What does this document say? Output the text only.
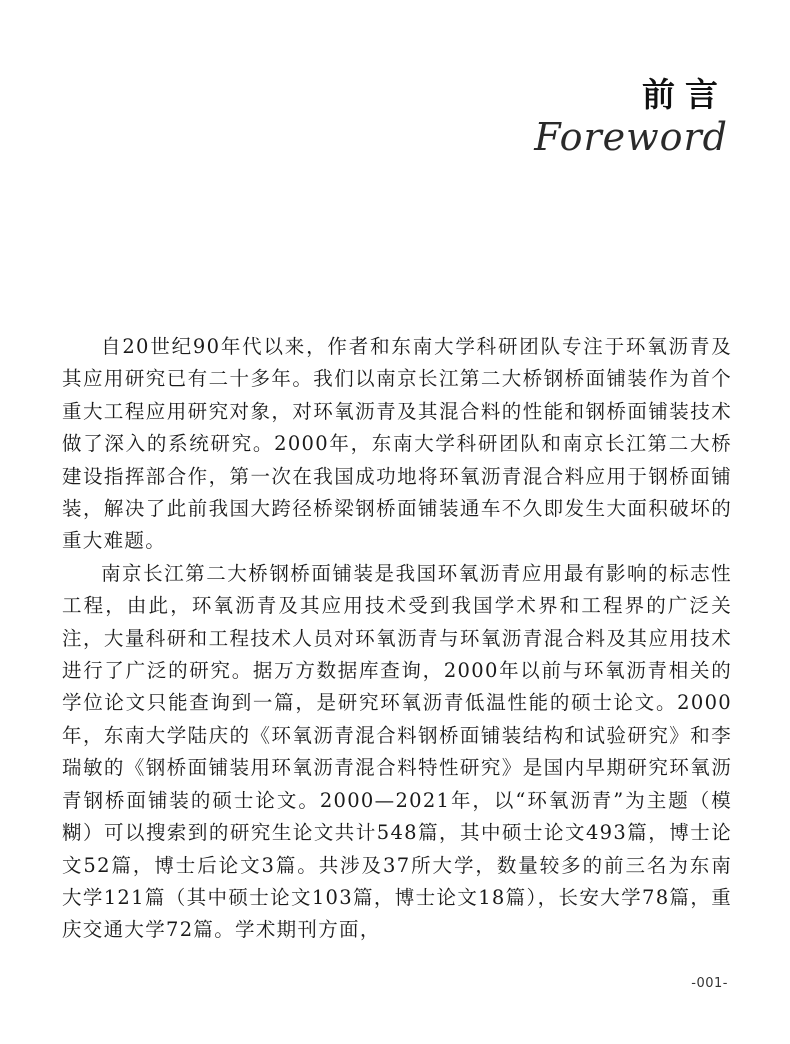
前言
Foreword

自20世纪90年代以来，作者和东南大学科研团队专注于环氧沥青及其应用研究已有二十多年。我们以南京长江第二大桥钢桥面铺装作为首个重大工程应用研究对象，对环氧沥青及其混合料的性能和钢桥面铺装技术做了深入的系统研究。2000年，东南大学科研团队和南京长江第二大桥建设指挥部合作，第一次在我国成功地将环氧沥青混合料应用于钢桥面铺装，解决了此前我国大跨径桥梁钢桥面铺装通车不久即发生大面积破坏的重大难题。

南京长江第二大桥钢桥面铺装是我国环氧沥青应用最有影响的标志性工程，由此，环氧沥青及其应用技术受到我国学术界和工程界的广泛关注，大量科研和工程技术人员对环氧沥青与环氧沥青混合料及其应用技术进行了广泛的研究。据万方数据库查询，2000年以前与环氧沥青相关的学位论文只能查询到一篇，是研究环氧沥青低温性能的硕士论文。2000年，东南大学陆庆的《环氧沥青混合料钢桥面铺装结构和试验研究》和李瑞敏的《钢桥面铺装用环氧沥青混合料特性研究》是国内早期研究环氧沥青钢桥面铺装的硕士论文。2000—2021年，以“环氧沥青”为主题（模糊）可以搜索到的研究生论文共计548篇，其中硕士论文493篇，博士论文52篇，博士后论文3篇。共涉及37所大学，数量较多的前三名为东南大学121篇（其中硕士论文103篇，博士论文18篇），长安大学78篇，重庆交通大学72篇。学术期刊方面，

-001-
